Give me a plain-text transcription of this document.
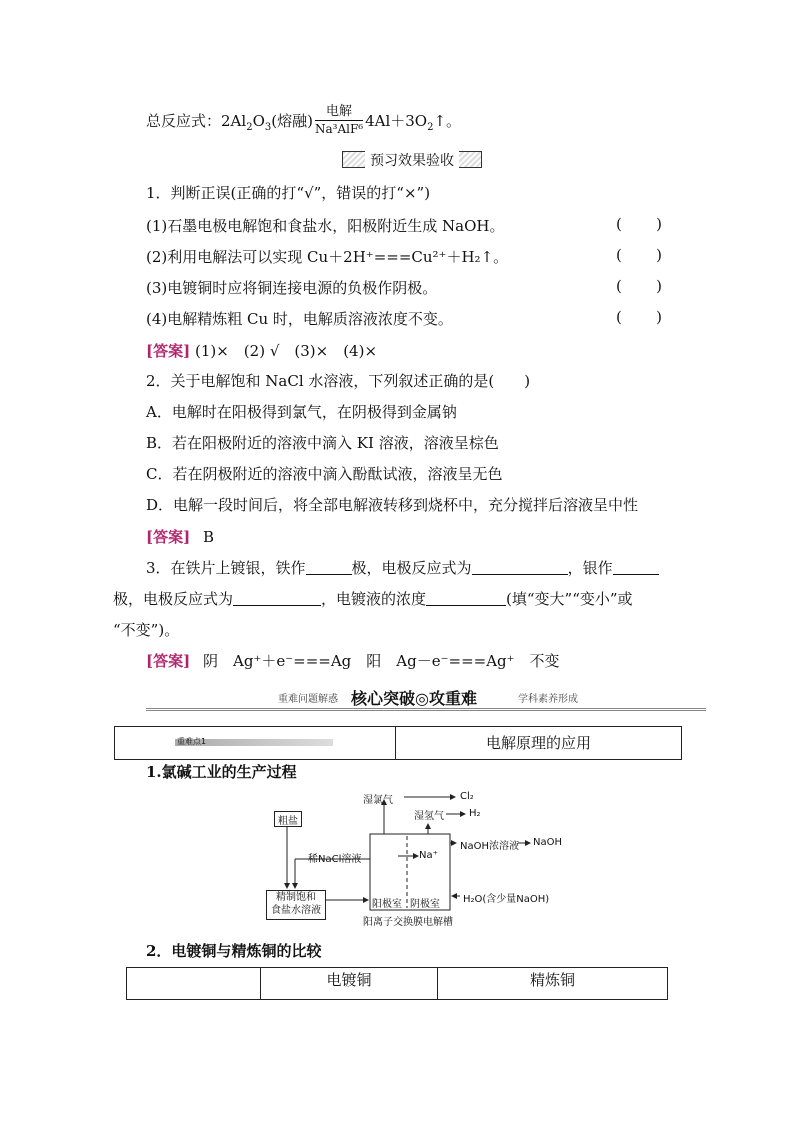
总反应式：$2Al_2O_3$(熔融) $\frac{\text{电解}}{\text{Na³AlF⁶}}$ $4Al+3O_2↑$。
预习效果验收
1．判断正误(正确的打“√”，错误的打“×”)
(1)石墨电极电解饱和食盐水，阳极附近生成 NaOH。	( )
(2)利用电解法可以实现 Cu＋2H⁺===Cu²⁺＋H₂↑。	( )
(3)电镀铜时应将铜连接电源的负极作阴极。	( )
(4)电解精炼粗 Cu 时，电解质溶液浓度不变。	( )
[答案] (1)×　(2) √　(3)×　(4)×
2．关于电解饱和 NaCl 水溶液，下列叙述正确的是(　　)
A．电解时在阳极得到氯气，在阴极得到金属钠
B．若在阳极附近的溶液中滴入 KI 溶液，溶液呈棕色
C．若在阴极附近的溶液中滴入酚酞试液，溶液呈无色
D．电解一段时间后，将全部电解液转移到烧杯中，充分搅拌后溶液呈中性
[答案] B
3．在铁片上镀银，铁作	极，电极反应式为	，银作
极，电极反应式为	，电镀液的浓度	(填“变大”“变小”或
“不变”)。
[答案] 阴　Ag⁺＋e⁻===Ag　阳　Ag－e⁻===Ag⁺　不变
重难问题解惑 核心突破◎攻重难	学科素养形成
重难点1	电解原理的应用
1.氯碱工业的生产过程
粗盐
精制饱和
食盐水溶液
稀NaCl溶液
湿氯气	Cl₂
湿氢气	H₂
NaOH浓溶液 NaOH
Na⁺
阳极室 阴极室 H₂O(含少量NaOH)
阳离子交换膜电解槽
2．电镀铜与精炼铜的比较
电镀铜	精炼铜
